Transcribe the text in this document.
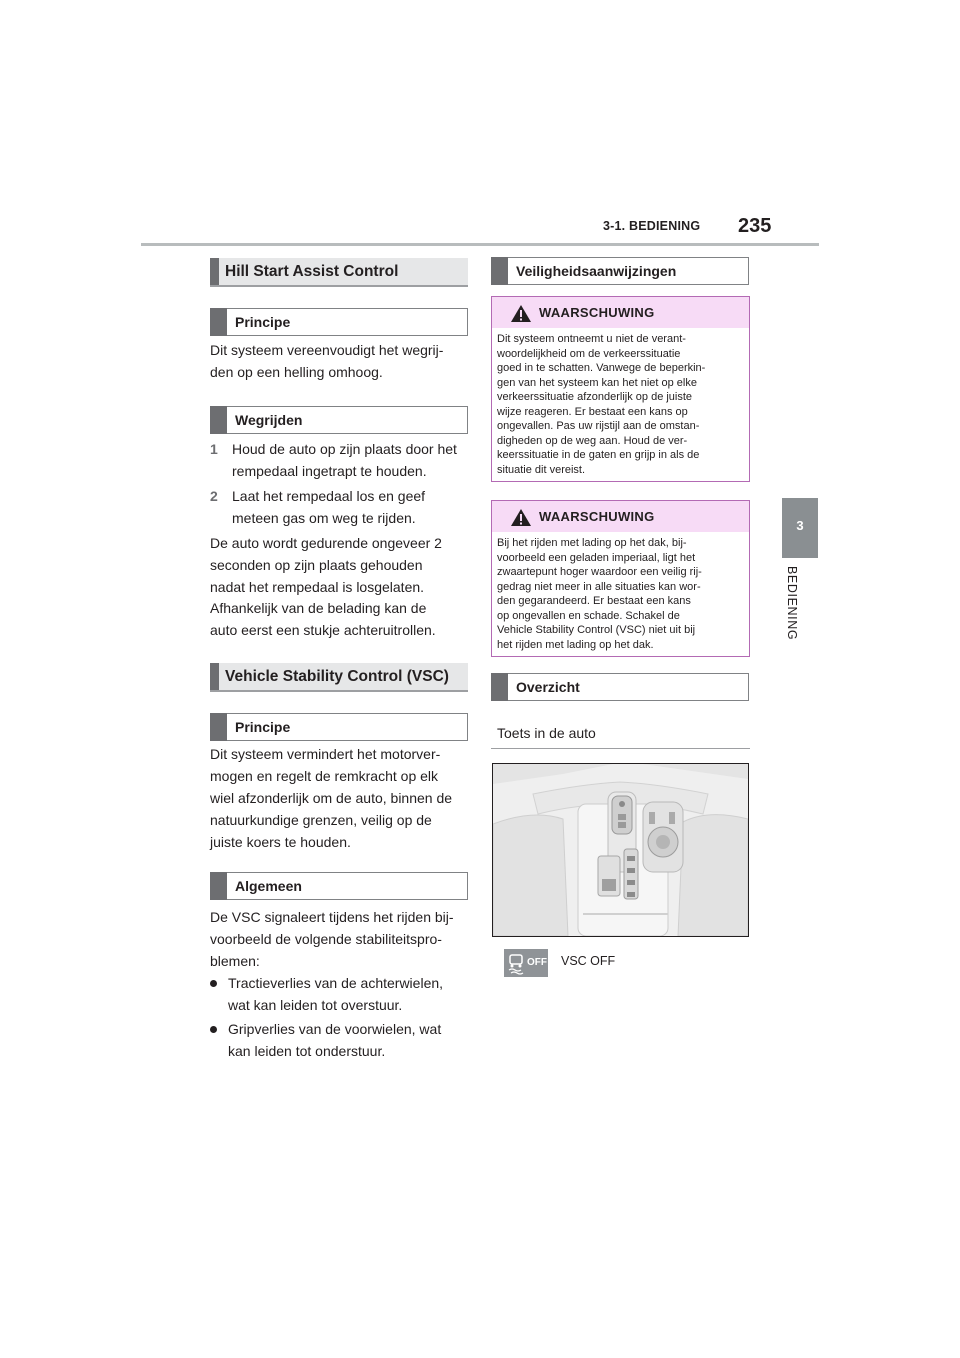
3-1. BEDIENING 235
3
BEDIENING
Hill Start Assist Control
Principe
Dit systeem vereenvoudigt het wegrij-
den op een helling omhoog.
Wegrijden
1 Houd de auto op zijn plaats door het
rempedaal ingetrapt te houden.
2 Laat het rempedaal los en geef
meteen gas om weg te rijden.
De auto wordt gedurende ongeveer 2
seconden op zijn plaats gehouden
nadat het rempedaal is losgelaten.
Afhankelijk van de belading kan de
auto eerst een stukje achteruitrollen.
Vehicle Stability Control (VSC)
Principe
Dit systeem vermindert het motorver-
mogen en regelt de remkracht op elk
wiel afzonderlijk om de auto, binnen de
natuurkundige grenzen, veilig op de
juiste koers te houden.
Algemeen
De VSC signaleert tijdens het rijden bij-
voorbeeld de volgende stabiliteitspro-
blemen:
Tractieverlies van de achterwielen,
wat kan leiden tot overstuur.
Gripverlies van de voorwielen, wat
kan leiden tot onderstuur.
Veiligheidsaanwijzingen
WAARSCHUWING
Dit systeem ontneemt u niet de verant-
woordelijkheid om de verkeerssituatie
goed in te schatten. Vanwege de beperkin-
gen van het systeem kan het niet op elke
verkeerssituatie afzonderlijk op de juiste
wijze reageren. Er bestaat een kans op
ongevallen. Pas uw rijstijl aan de omstan-
digheden op de weg aan. Houd de ver-
keerssituatie in de gaten en grijp in als de
situatie dit vereist.
WAARSCHUWING
Bij het rijden met lading op het dak, bij-
voorbeeld een geladen imperiaal, ligt het
zwaartepunt hoger waardoor een veilig rij-
gedrag niet meer in alle situaties kan wor-
den gegarandeerd. Er bestaat een kans
op ongevallen en schade. Schakel de
Vehicle Stability Control (VSC) niet uit bij
het rijden met lading op het dak.
Overzicht
Toets in de auto
OFF VSC OFF
